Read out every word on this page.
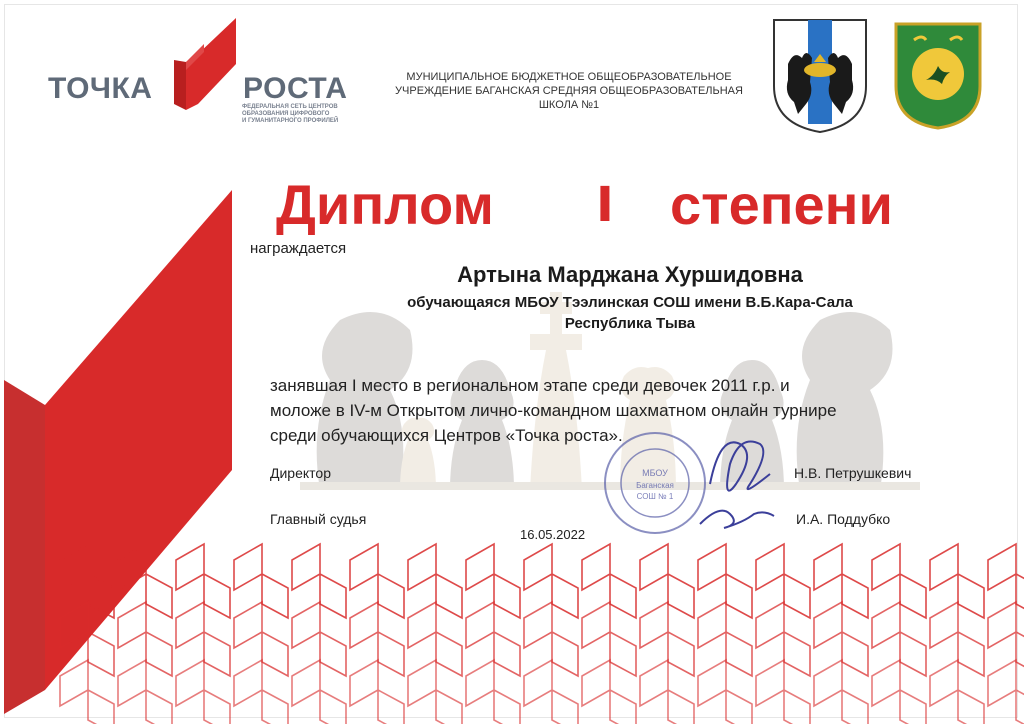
ТОЧКА	РОСТА
ФЕДЕРАЛЬНАЯ СЕТЬ ЦЕНТРОВ
ОБРАЗОВАНИЯ ЦИФРОВОГО
И ГУМАНИТАРНОГО ПРОФИЛЕЙ
МУНИЦИПАЛЬНОЕ БЮДЖЕТНОЕ ОБЩЕОБРАЗОВАТЕЛЬНОЕ
УЧРЕЖДЕНИЕ БАГАНСКАЯ СРЕДНЯЯ ОБЩЕОБРАЗОВАТЕЛЬНАЯ
ШКОЛА №1
Диплом I степени
награждается
Артына Марджана Хуршидовна
обучающаяся МБОУ Тээлинская СОШ имени В.Б.Кара-Сала
Республика Тыва
занявшая I место в региональном этапе среди девочек 2011 г.р. и
моложе в IV-м Открытом лично-командном шахматном онлайн турнире
среди обучающихся Центров «Точка роста».
МБОУ
Баганская
СОШ № 1
Директор	Н.В. Петрушкевич
Главный судья	И.А. Поддубко
16.05.2022
